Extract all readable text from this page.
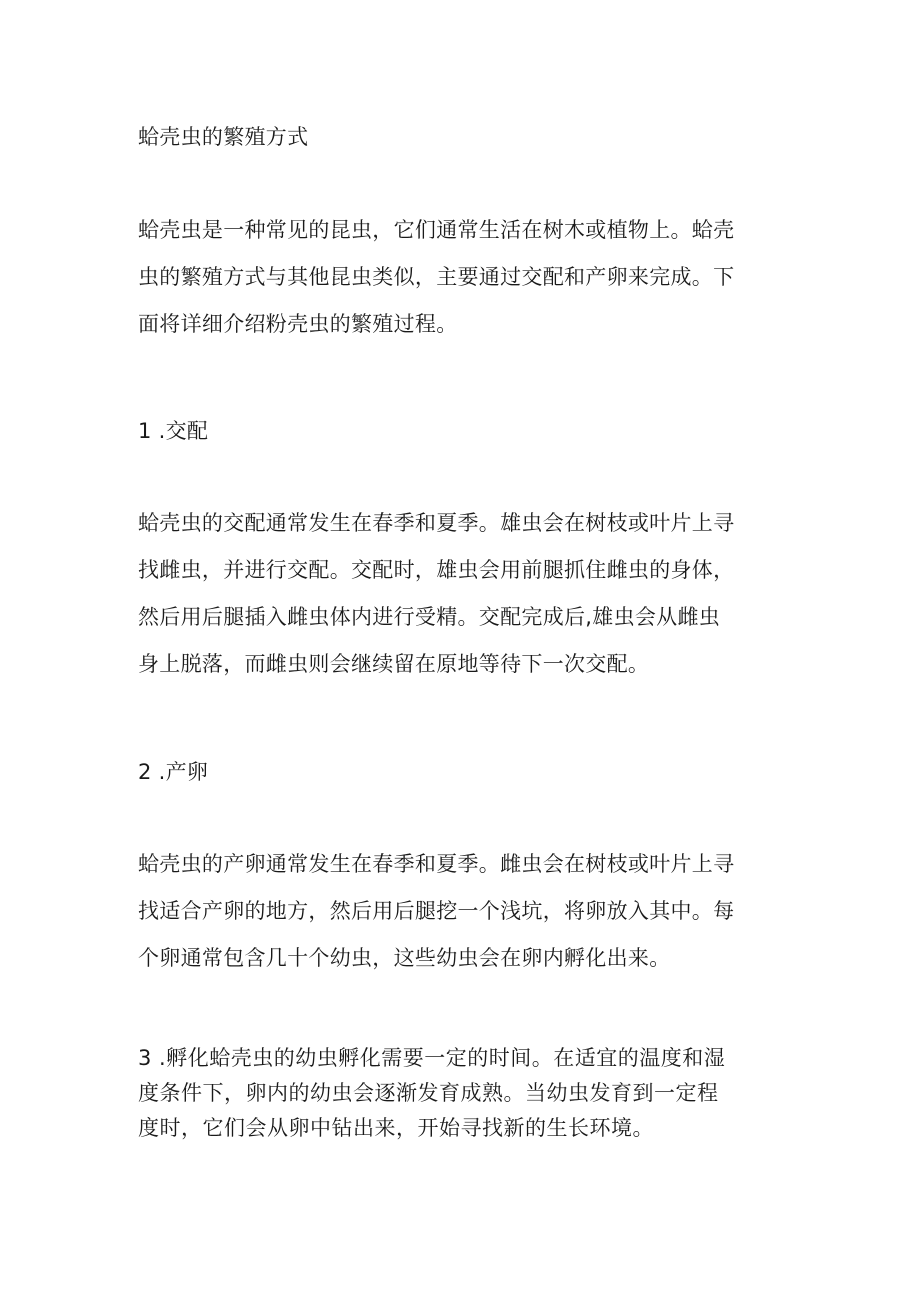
蛤壳虫的繁殖方式

蛤壳虫是一种常见的昆虫，它们通常生活在树木或植物上。蛤壳
虫的繁殖方式与其他昆虫类似，主要通过交配和产卵来完成。下
面将详细介绍粉壳虫的繁殖过程。

1 .交配

蛤壳虫的交配通常发生在春季和夏季。雄虫会在树枝或叶片上寻
找雌虫，并进行交配。交配时，雄虫会用前腿抓住雌虫的身体，
然后用后腿插入雌虫体内进行受精。交配完成后,雄虫会从雌虫
身上脱落，而雌虫则会继续留在原地等待下一次交配。

2 .产卵

蛤壳虫的产卵通常发生在春季和夏季。雌虫会在树枝或叶片上寻
找适合产卵的地方，然后用后腿挖一个浅坑，将卵放入其中。每
个卵通常包含几十个幼虫，这些幼虫会在卵内孵化出来。
3 .孵化蛤壳虫的幼虫孵化需要一定的时间。在适宜的温度和湿
度条件下，卵内的幼虫会逐渐发育成熟。当幼虫发育到一定程
度时，它们会从卵中钻出来，开始寻找新的生长环境。
